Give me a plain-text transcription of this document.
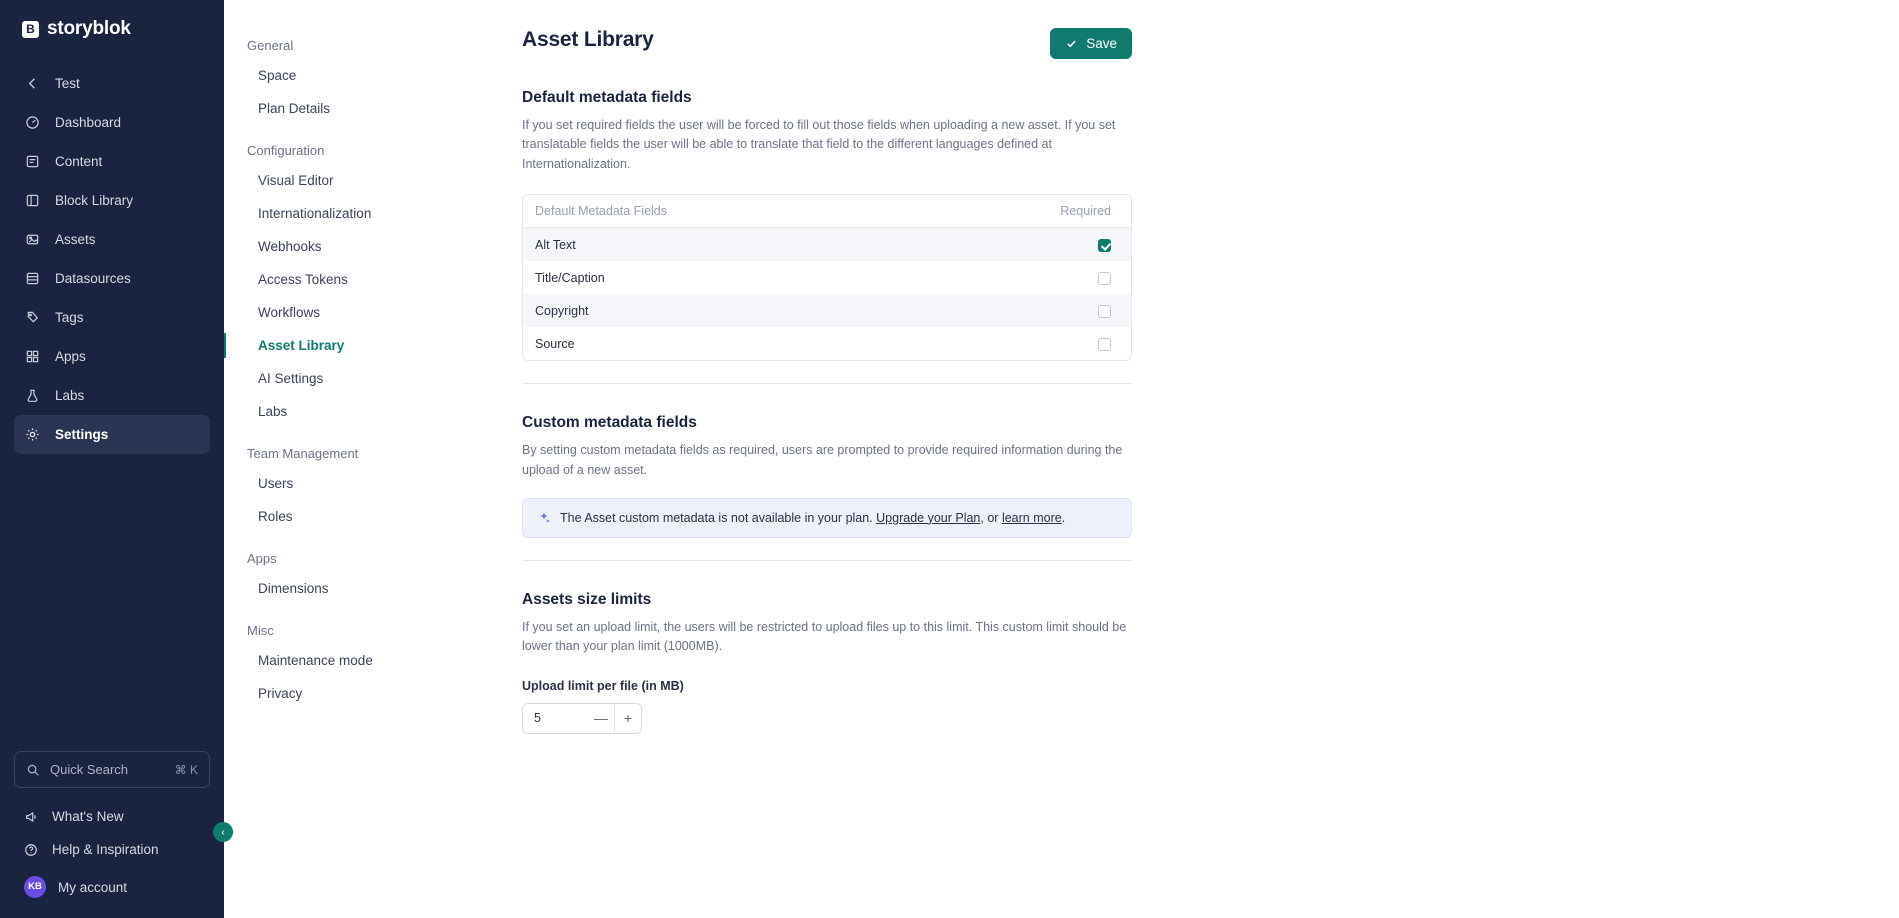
B storyblok
Test
Dashboard
Content
Block Library
Assets
Datasources
Tags
Apps
Labs
Settings
Quick Search	⌘ K
What's New
Help & Inspiration
KB	My account
‹
General
Space
Plan Details
Configuration
Visual Editor
Internationalization
Webhooks
Access Tokens
Workflows
Asset Library
AI Settings
Labs
Team Management
Users
Roles
Apps
Dimensions
Misc
Maintenance mode
Privacy
Asset Library	Save
Default metadata fields

If you set required fields the user will be forced to fill out those fields when uploading a new asset. If you set translatable fields the user will be able to translate that field to the different languages defined at Internationalization.

Default Metadata Fields	Required
Alt Text
Title/Caption
Copyright
Source
Custom metadata fields

By setting custom metadata fields as required, users are prompted to provide required information during the upload of a new asset.

The Asset custom metadata is not available in your plan. Upgrade your Plan, or learn more.
Assets size limits

If you set an upload limit, the users will be restricted to upload files up to this limit. This custom limit should be lower than your plan limit (1000MB).

Upload limit per file (in MB)
5	—	+
